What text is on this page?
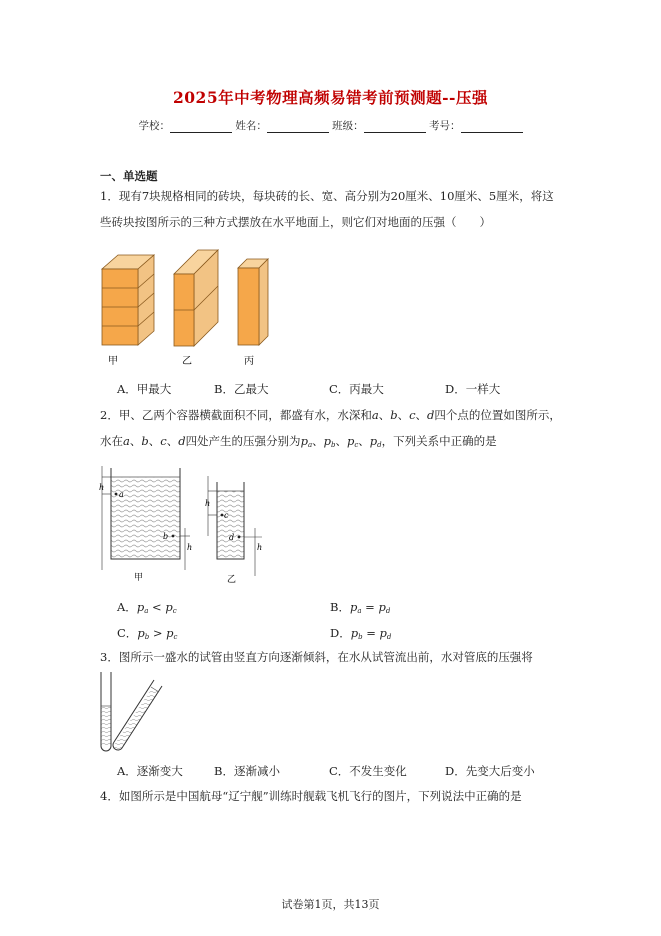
2025年中考物理高频易错考前预测题--压强
学校：	姓名：	班级：	考号：
一、单选题
1．现有7块规格相同的砖块，每块砖的长、宽、高分别为20厘米、10厘米、5厘米，将这
些砖块按图所示的三种方式摆放在水平地面上，则它们对地面的压强（　　）
甲	乙	丙
A．甲最大	B．乙最大	C．丙最大	D．一样大
2．甲、乙两个容器横截面积不同，都盛有水，水深和a、b、c、d四个点的位置如图所示，
水在a、b、c、d四处产生的压强分别为$p_a$、$p_b$、$p_c$、$p_d$，下列关系中正确的是
h
a
b
h
h
c
d
h
甲	乙
A．$p_a < p_c$	B．$p_a = p_d$
C．$p_b > p_c$	D．$p_b = p_d$
3．图所示一盛水的试管由竖直方向逐渐倾斜，在水从试管流出前，水对管底的压强将
A．逐渐变大	B．逐渐减小	C．不发生变化	D．先变大后变小
4．如图所示是中国航母“辽宁舰”训练时舰载飞机飞行的图片，下列说法中正确的是
试卷第1页，共13页
